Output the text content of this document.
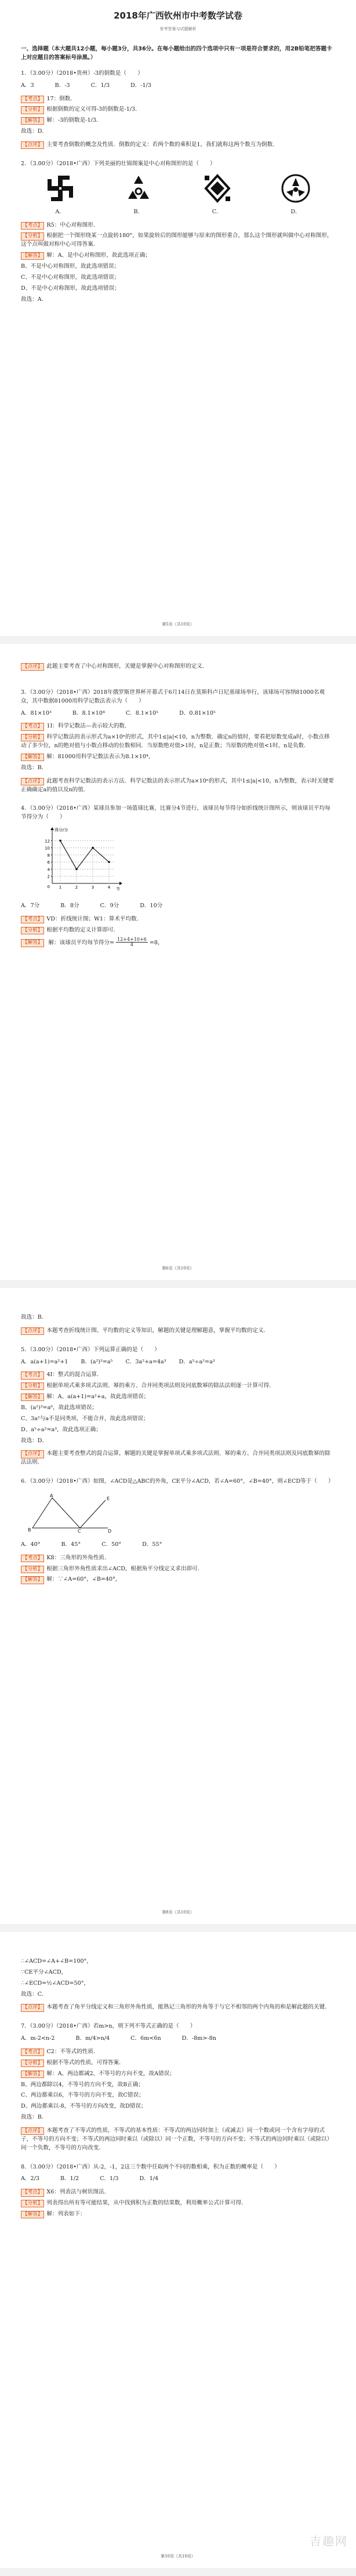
2018年广西钦州市中考数学试卷
参考答案与试题解析
一、选择题（本大题共12小题，每小题3分，共36分。在每小题给出的四个选项中只有一项是符合要求的，用2B铅笔把答题卡上对应题目的答案标号涂黑。）
1．（3.00分）（2018•贵州）-3的倒数是（　　）
A．3	B．-3	C．1/3	D．-1/3
【考点】 17：倒数．
【分析】 根据倒数的定义可得-3的倒数是-1/3．
【解答】 解：-3的倒数是-1/3．
故选：D．
【点评】 主要考查倒数的概念及性质．倒数的定义：若两个数的乘积是1，我们就称这两个数互为倒数．
2．（3.00分）（2018•广西）下列美丽的壮锦图案是中心对称图形的是（　　）
A．	B．	C．	D．
【考点】 R5：中心对称图形．
【分析】 根据把一个图形绕某一点旋转180°，如果旋转后的图形能够与原来的图形重合，那么这个图形就叫做中心对称图形，这个点叫做对称中心可得答案．
【解答】 解：A、是中心对称图形，故此选项正确；
B、不是中心对称图形，故此选项错误；
C、不是中心对称图形，故此选项错误；
D、不是中心对称图形，故此选项错误；
故选：A．
第5页（共10页）
【点评】 此题主要考查了中心对称图形，关键是掌握中心对称图形的定义．
3．（3.00分）（2018•广西）2018年俄罗斯世界杯开幕式于6月14日在莫斯科卢日尼基球场举行，该球场可容纳81000名观众，其中数据81000用科学记数法表示为（　　）
A．81×10³	B．8.1×10⁴	C．8.1×10⁵	D．0.81×10⁵
【考点】 1I：科学记数法—表示较大的数．
【分析】 科学记数法的表示形式为a×10ⁿ的形式，其中1≤|a|<10，n为整数．确定n的值时，要看把原数变成a时，小数点移动了多少位，n的绝对值与小数点移动的位数相同．当原数绝对值>1时，n是正数；当原数的绝对值<1时，n是负数．
【解答】 解：81000用科学记数法表示为8.1×10⁴，
故选：B．
【点评】 此题考查科学记数法的表示方法．科学记数法的表示形式为a×10ⁿ的形式，其中1≤|a|<10，n为整数，表示时关键要正确确定a的值以及n的值．
4．（3.00分）（2018•广西）某球员参加一场篮球比赛，比赛分4节进行，该球员每节得分如折线统计图所示，则该球员平均每节得分为（　　）
2
4
6
8
10
12
0 1	2	3	4
得分/分
节
A．7分	B．8分	C．9分	D．10分
【考点】 VD：折线统计图；W1：算术平均数．
【分析】 根据平均数的定义计算即可．
【解答】 解：该球员平均每节得分= $\frac{12+4+10+6}{4} =8$，
第6页（共10页）
故选：B．
【点评】 本题考查折线统计图、平均数的定义等知识，解题的关键是理解题意，掌握平均数的定义．
5．（3.00分）（2018•广西）下列运算正确的是（　　）
A．a(a+1)=a²+1 B．(a²)³=a⁵ C．3a²+a=4a³ D．a⁵÷a²=a³
【考点】 4I：整式的混合运算．
【分析】 根据单项式乘多项式法则、幂的乘方、合并同类项法则及同底数幂的除法法则逐一计算可得．
【解答】 解：A、a(a+1)=a²+a，故此选项错误；
B、(a²)³=a⁶，故此选项错误；
C、3a²与a不是同类项，不能合并，故此选项错误；
D、a⁵÷a²=a³，故此选项正确；
故选：D．
【点评】 本题主要考查整式的混合运算，解题的关键是掌握单项式乘多项式法则、幂的乘方、合并同类项法则及同底数幂的除法法则．
6．（3.00分）（2018•广西）如图，∠ACD是△ABC的外角，CE平分∠ACD，若∠A=60°，∠B=40°，则∠ECD等于（　　）
A
B	C	D
E
A．40°	B．45°	C．50°	D．55°
【考点】 K8：三角形的外角性质．
【分析】 根据三角形外角性质求出∠ACD，根据角平分线定义求出即可．
【解答】 解：∵∠A=60°，∠B=40°，
第8页（共10页）
∴∠ACD=∠A+∠B=100°，
∵CE平分∠ACD，
∴∠ECD=½∠ACD=50°，
故选：C．
【点评】 本题考查了角平分线定义和三角形外角性质，能熟记三角形的外角等于与它不相邻的两个内角的和是解此题的关键．
7．（3.00分）（2018•广西）若m>n，则下列不等式正确的是（　　）
A．m-2<n-2	B．m/4>n/4	C．6m<6n	D．-8m>-8n
【考点】 C2：不等式的性质．
【分析】 根据不等式的性质，可得答案．
【解答】 解：A、两边都减2，不等号的方向不变，故A错误；
B、两边都除以4，不等号的方向不变，故B正确；
C、两边都乘以6，不等号的方向不变，故C错误；
D、两边都乘以-8，不等号的方向改变，故D错误；
故选：B．
【点评】 本题考查了不等式的性质，不等式的基本性质：不等式的两边同时加上（或减去）同一个数或同一个含有字母的式子，不等号的方向不变；不等式的两边同时乘以（或除以）同一个正数，不等号的方向不变；不等式的两边同时乘以（或除以）同一个负数，不等号的方向改变．
8．（3.00分）（2018•广西）从-2，-1，2这三个数中任取两个不同的数相乘，积为正数的概率是（　　）
A．2/3	B．1/2	C．1/3	D．1/4
【考点】 X6：列表法与树状图法．
【分析】 列表得出所有等可能结果，从中找到积为正数的结果数，利用概率公式计算可得．
【解答】 解：列表如下：
吉趣网
第10页（共10页）
